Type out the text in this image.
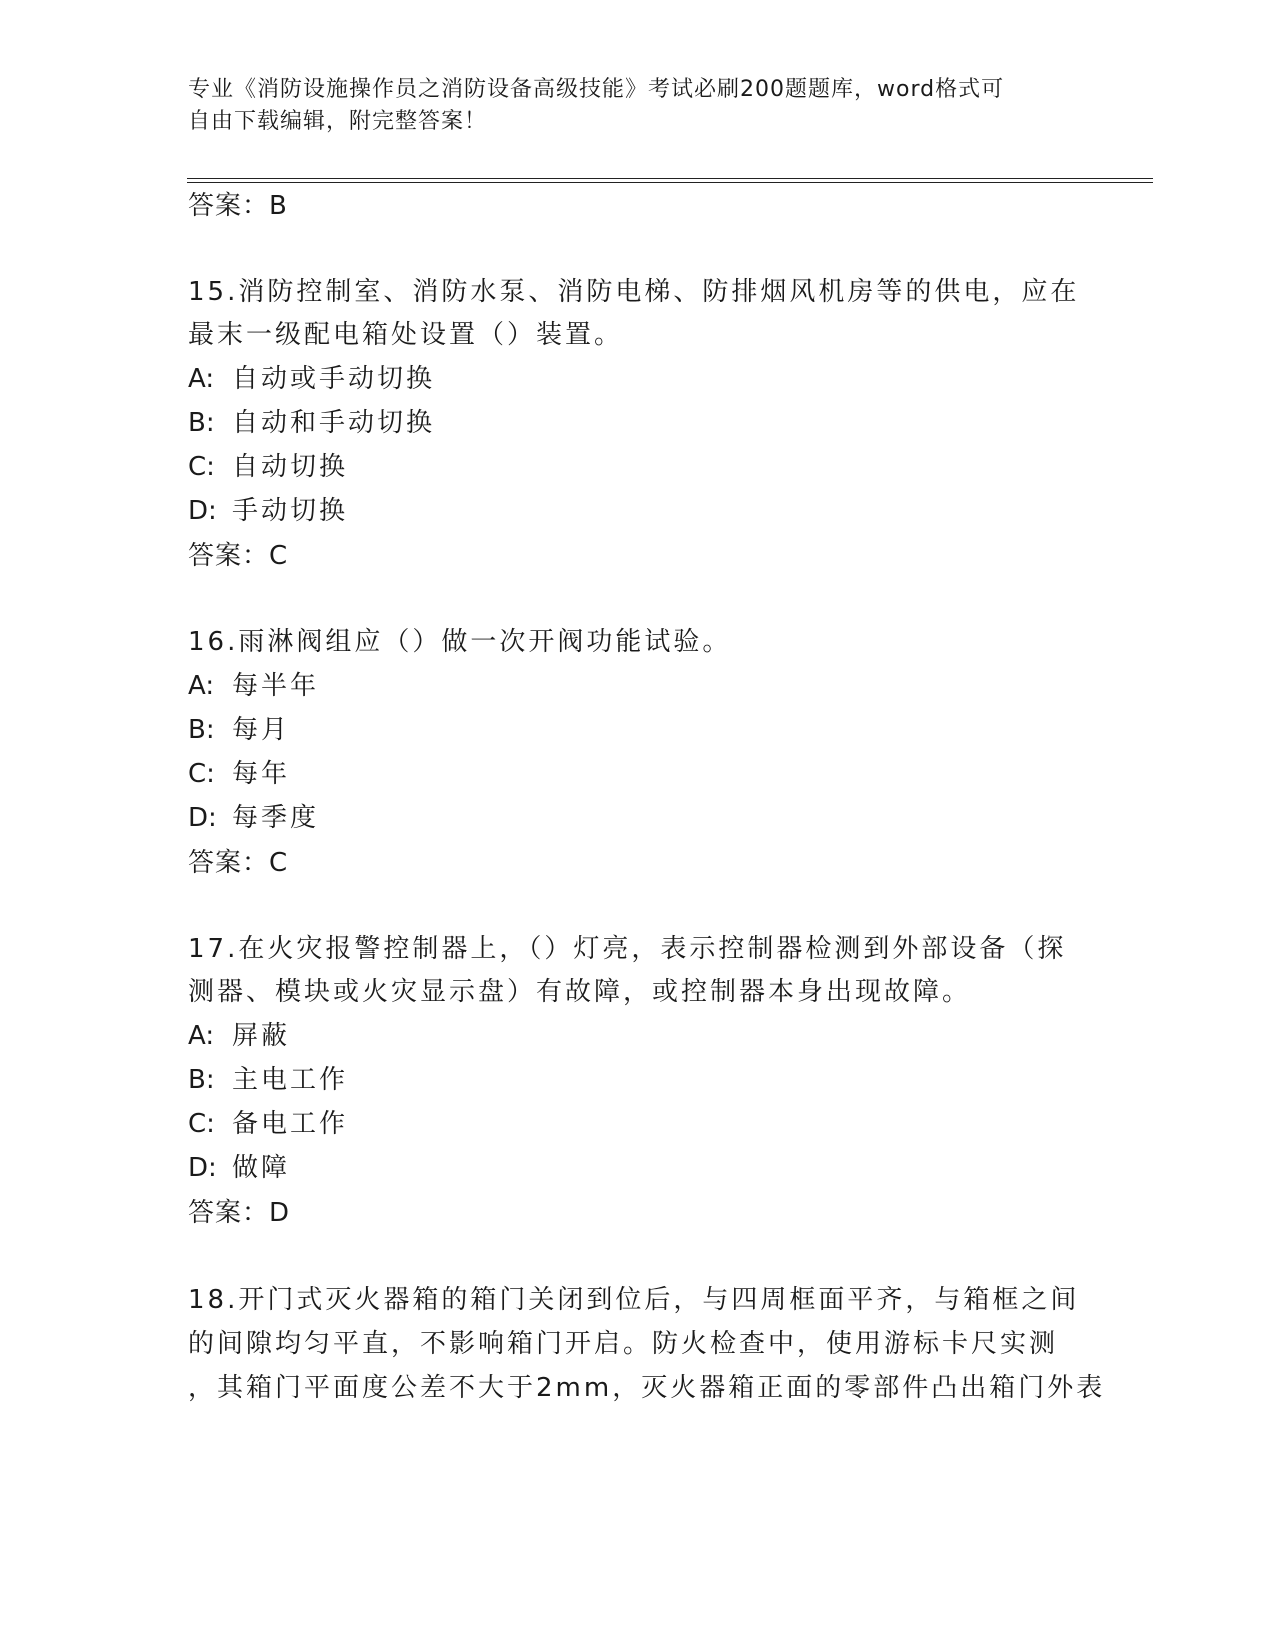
专业《消防设施操作员之消防设备高级技能》考试必刷200题题库，word格式可

自由下载编辑，附完整答案！

答案：B
15.消防控制室、消防水泵、消防电梯、防排烟风机房等的供电，应在
最末一级配电箱处设置（）装置。
A: 自动或手动切换
B: 自动和手动切换
C: 自动切换
D: 手动切换
答案：C
16.雨淋阀组应（）做一次开阀功能试验。
A: 每半年
B: 每月
C: 每年
D: 每季度
答案：C
17.在火灾报警控制器上，（）灯亮，表示控制器检测到外部设备（探
测器、模块或火灾显示盘）有故障，或控制器本身出现故障。
A: 屏蔽
B: 主电工作
C: 备电工作
D: 做障
答案：D
18.开门式灭火器箱的箱门关闭到位后，与四周框面平齐，与箱框之间
的间隙均匀平直，不影响箱门开启。防火检查中，使用游标卡尺实测
，其箱门平面度公差不大于2mm，灭火器箱正面的零部件凸出箱门外表
